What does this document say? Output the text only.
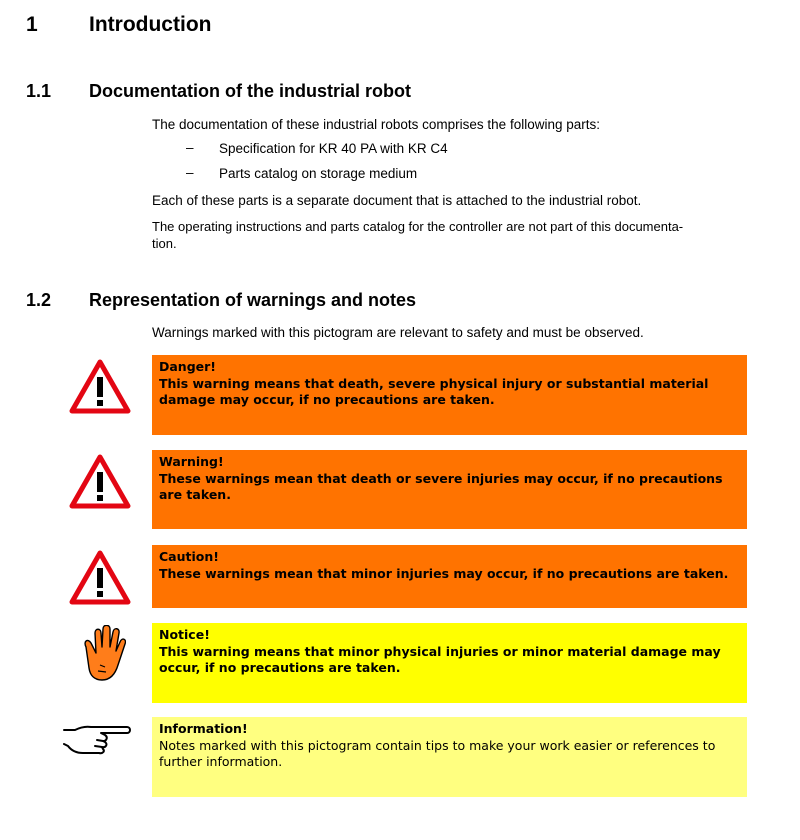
1 Introduction
1.1 Documentation of the industrial robot
The documentation of these industrial robots comprises the following parts:
– Specification for KR 40 PA with KR C4
– Parts catalog on storage medium
Each of these parts is a separate document that is attached to the industrial robot.
The operating instructions and parts catalog for the controller are not part of this documenta-
tion.
1.2 Representation of warnings and notes
Warnings marked with this pictogram are relevant to safety and must be observed.
Danger!
This warning means that death, severe physical injury or substantial material damage may occur, if no precautions are taken.
Warning!
These warnings mean that death or severe injuries may occur, if no precautions are taken.
Caution!
These warnings mean that minor injuries may occur, if no precautions are taken.
Notice!
This warning means that minor physical injuries or minor material damage may occur, if no precautions are taken.
Information!
Notes marked with this pictogram contain tips to make your work easier or references to further information.
